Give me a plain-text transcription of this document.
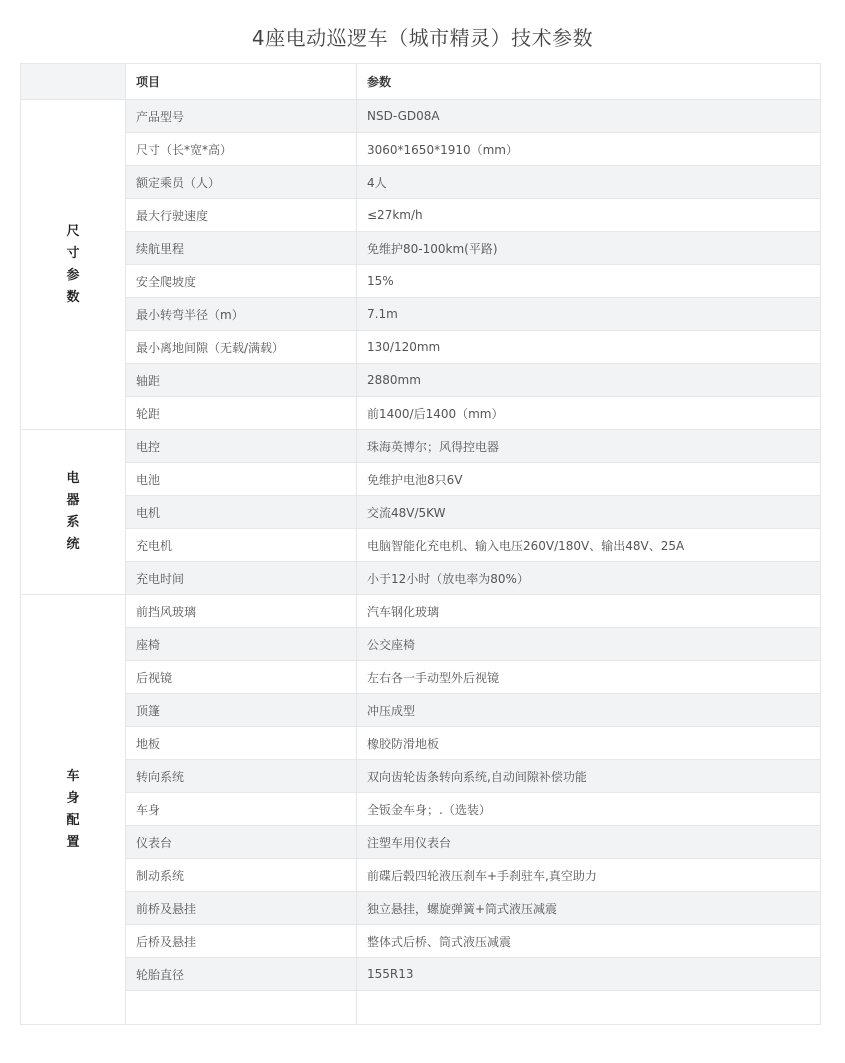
4座电动巡逻车（城市精灵）技术参数
	项目	参数

尺
寸
参
数	产品型号	NSD-GD08A
	尺寸（长*宽*高）	3060*1650*1910（mm）
	额定乘员（人）	4人
	最大行驶速度	≤27km/h
	续航里程	免维护80-100km(平路)
	安全爬坡度	15%
	最小转弯半径（m）	7.1m
	最小离地间隙（无载/满载）	130/120mm
	轴距	2880mm
	轮距	前1400/后1400（mm）

电
器
系
统	电控	珠海英博尔；风得控电器
	电池	免维护电池8只6V
	电机	交流48V/5KW
	充电机	电脑智能化充电机、输入电压260V/180V、输出48V、25A
	充电时间	小于12小时（放电率为80%）

车
身
配
置	前挡风玻璃	汽车钢化玻璃
	座椅	公交座椅
	后视镜	左右各一手动型外后视镜
	顶篷	冲压成型
	地板	橡胶防滑地板
	转向系统	双向齿轮齿条转向系统,自动间隙补偿功能
	车身	全钣金车身；.（选装）
	仪表台	注塑车用仪表台
	制动系统	前碟后毂四轮液压刹车+手刹驻车,真空助力
	前桥及悬挂	独立悬挂，螺旋弹簧+筒式液压减震
	后桥及悬挂	整体式后桥、筒式液压减震
	轮胎直径	155R13
